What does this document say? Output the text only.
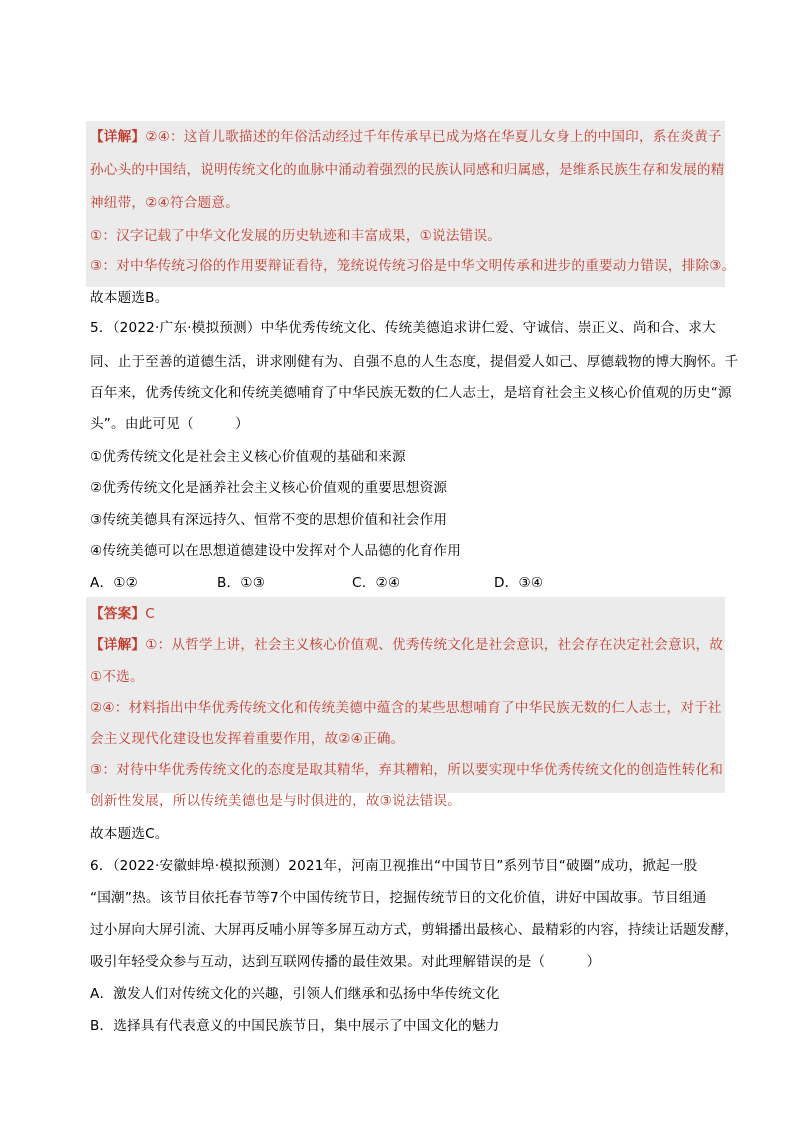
【详解】②④：这首儿歌描述的年俗活动经过千年传承早已成为烙在华夏儿女身上的中国印，系在炎黄子
孙心头的中国结，说明传统文化的血脉中涌动着强烈的民族认同感和归属感，是维系民族生存和发展的精
神纽带，②④符合题意。
①：汉字记载了中华文化发展的历史轨迹和丰富成果，①说法错误。
③：对中华传统习俗的作用要辩证看待，笼统说传统习俗是中华文明传承和进步的重要动力错误，排除③。
故本题选B。
5．（2022·广东·模拟预测）中华优秀传统文化、传统美德追求讲仁爱、守诚信、崇正义、尚和合、求大
同、止于至善的道德生活，讲求刚健有为、自强不息的人生态度，提倡爱人如己、厚德载物的博大胸怀。千
百年来，优秀传统文化和传统美德哺育了中华民族无数的仁人志士，是培育社会主义核心价值观的历史“源
头”。由此可见（　　　）
①优秀传统文化是社会主义核心价值观的基础和来源
②优秀传统文化是涵养社会主义核心价值观的重要思想资源
③传统美德具有深远持久、恒常不变的思想价值和社会作用
④传统美德可以在思想道德建设中发挥对个人品德的化育作用
A．①②	B．①③	C．②④	D．③④
【答案】C
【详解】①：从哲学上讲，社会主义核心价值观、优秀传统文化是社会意识，社会存在决定社会意识，故
①不选。
②④：材料指出中华优秀传统文化和传统美德中蕴含的某些思想哺育了中华民族无数的仁人志士，对于社
会主义现代化建设也发挥着重要作用，故②④正确。
③：对待中华优秀传统文化的态度是取其精华，弃其糟粕，所以要实现中华优秀传统文化的创造性转化和
创新性发展，所以传统美德也是与时俱进的，故③说法错误。
故本题选C。
6．（2022·安徽蚌埠·模拟预测）2021年，河南卫视推出“中国节日”系列节目“破圈”成功，掀起一股
“国潮”热。该节目依托春节等7个中国传统节日，挖掘传统节日的文化价值，讲好中国故事。节目组通
过小屏向大屏引流、大屏再反哺小屏等多屏互动方式，剪辑播出最核心、最精彩的内容，持续让话题发酵，
吸引年轻受众参与互动，达到互联网传播的最佳效果。对此理解错误的是（　　　）
A．激发人们对传统文化的兴趣，引领人们继承和弘扬中华传统文化
B．选择具有代表意义的中国民族节日，集中展示了中国文化的魅力
